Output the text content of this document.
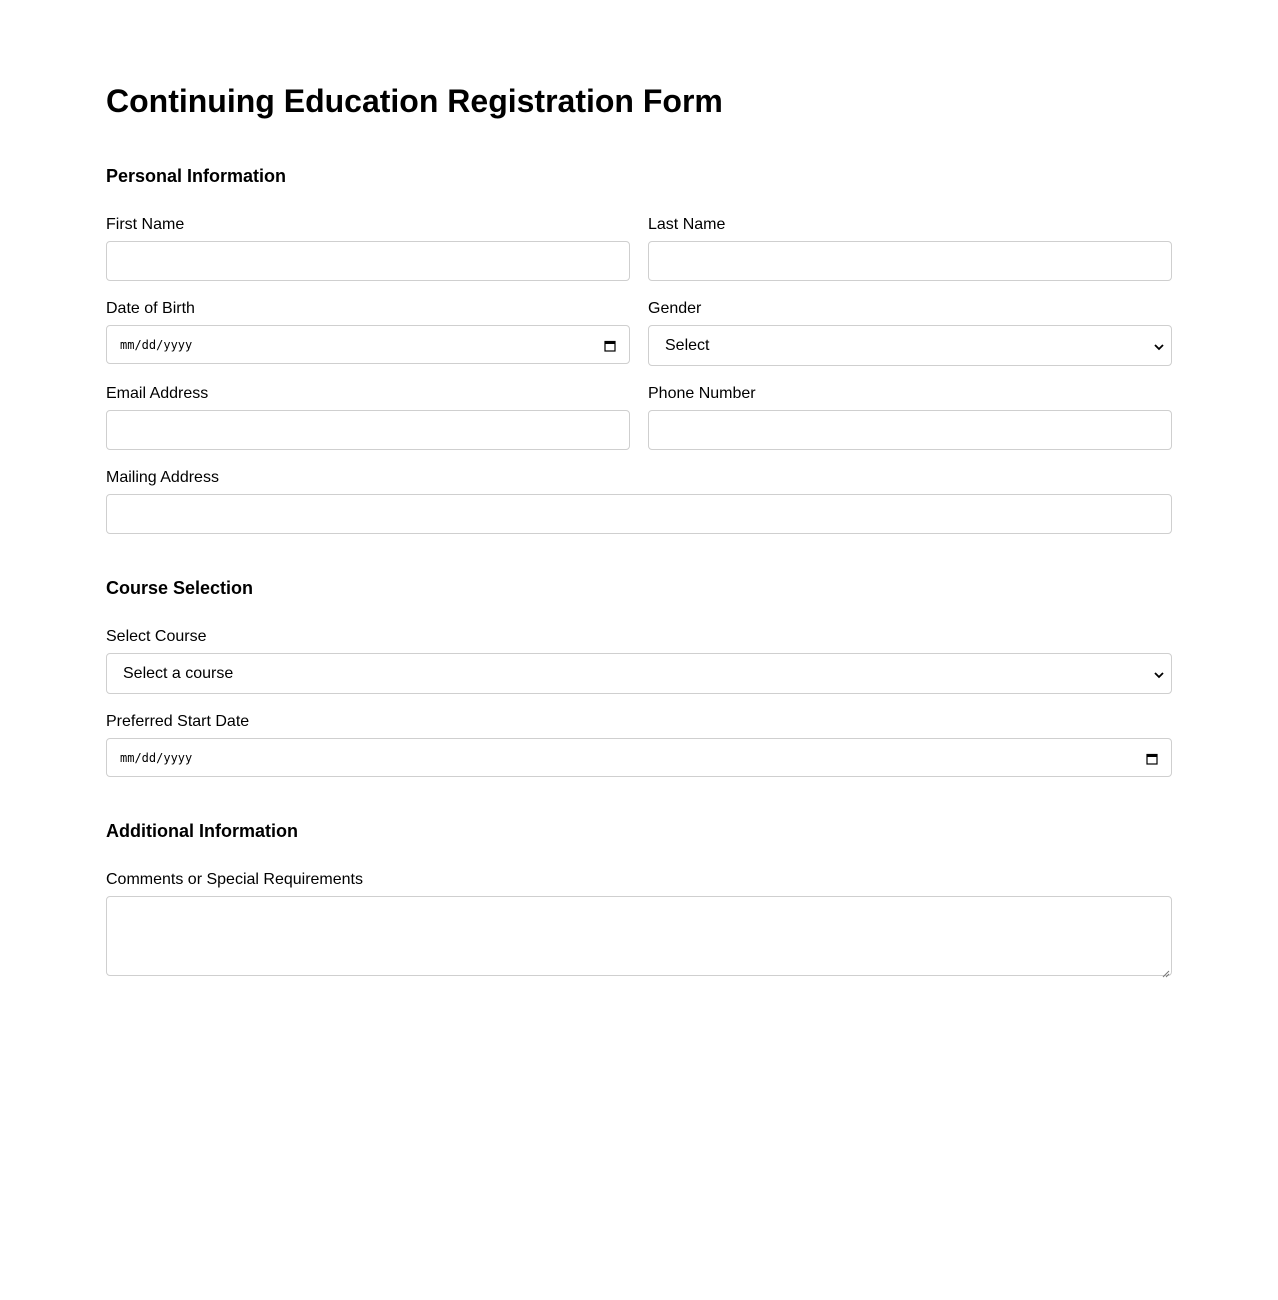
Continuing Education Registration Form
Personal Information
First Name	Last Name
Date of Birth
mm/dd/yyyy
Gender
Select
Email Address	Phone Number
Mailing Address
Course Selection
Select Course
Select a course
Preferred Start Date
mm/dd/yyyy
Additional Information
Comments or Special Requirements
